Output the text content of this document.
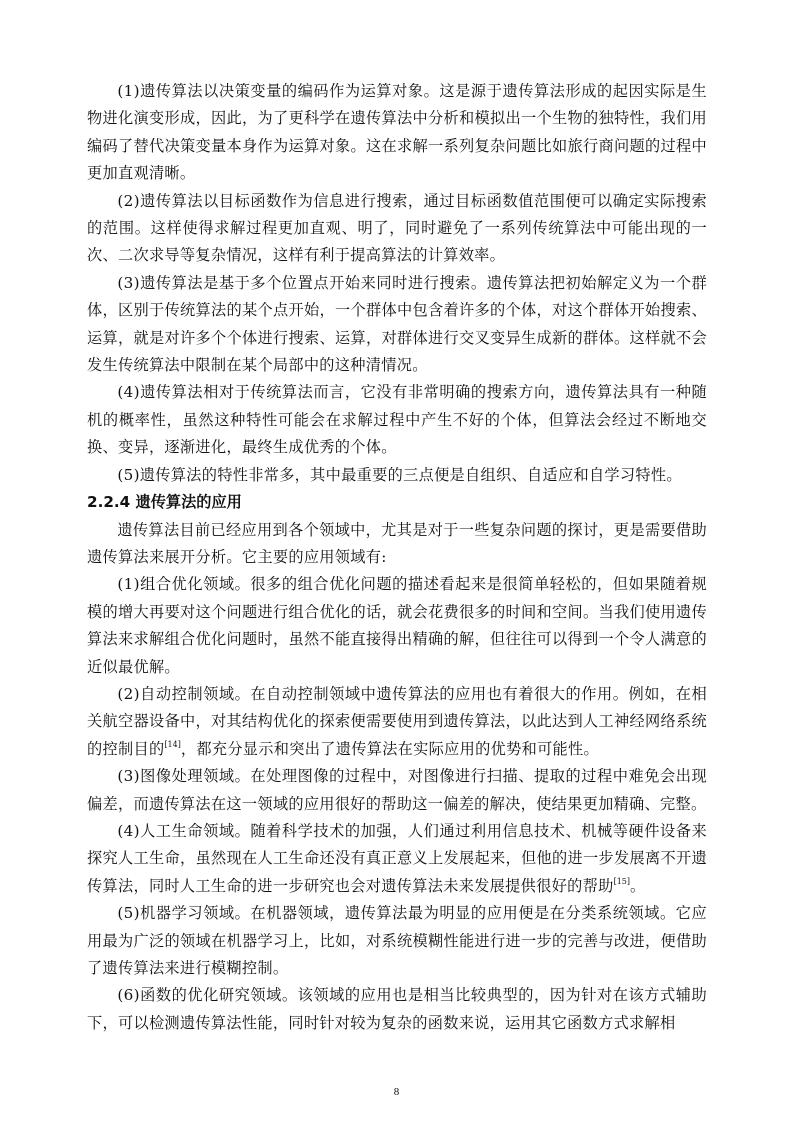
(1)遗传算法以决策变量的编码作为运算对象。这是源于遗传算法形成的起因实际是生物进化演变形成，因此，为了更科学在遗传算法中分析和模拟出一个生物的独特性，我们用编码了替代决策变量本身作为运算对象。这在求解一系列复杂问题比如旅行商问题的过程中更加直观清晰。

(2)遗传算法以目标函数作为信息进行搜索，通过目标函数值范围便可以确定实际搜索的范围。这样使得求解过程更加直观、明了，同时避免了一系列传统算法中可能出现的一次、二次求导等复杂情况，这样有利于提高算法的计算效率。

(3)遗传算法是基于多个位置点开始来同时进行搜索。遗传算法把初始解定义为一个群体，区别于传统算法的某个点开始，一个群体中包含着许多的个体，对这个群体开始搜索、运算，就是对许多个个体进行搜索、运算，对群体进行交叉变异生成新的群体。这样就不会发生传统算法中限制在某个局部中的这种清情况。

(4)遗传算法相对于传统算法而言，它没有非常明确的搜索方向，遗传算法具有一种随机的概率性，虽然这种特性可能会在求解过程中产生不好的个体，但算法会经过不断地交换、变异，逐渐进化，最终生成优秀的个体。

(5)遗传算法的特性非常多，其中最重要的三点便是自组织、自适应和自学习特性。

2.2.4 遗传算法的应用

遗传算法目前已经应用到各个领域中，尤其是对于一些复杂问题的探讨，更是需要借助遗传算法来展开分析。它主要的应用领域有:

(1)组合优化领域。很多的组合优化问题的描述看起来是很简单轻松的，但如果随着规模的增大再要对这个问题进行组合优化的话，就会花费很多的时间和空间。当我们使用遗传算法来求解组合优化问题时，虽然不能直接得出精确的解，但往往可以得到一个令人满意的近似最优解。

(2)自动控制领域。在自动控制领域中遗传算法的应用也有着很大的作用。例如，在相关航空器设备中，对其结构优化的探索便需要使用到遗传算法，以此达到人工神经网络系统的控制目的[14]，都充分显示和突出了遗传算法在实际应用的优势和可能性。

(3)图像处理领域。在处理图像的过程中，对图像进行扫描、提取的过程中难免会出现偏差，而遗传算法在这一领域的应用很好的帮助这一偏差的解决，使结果更加精确、完整。

(4)人工生命领域。随着科学技术的加强，人们通过利用信息技术、机械等硬件设备来探究人工生命，虽然现在人工生命还没有真正意义上发展起来，但他的进一步发展离不开遗传算法，同时人工生命的进一步研究也会对遗传算法未来发展提供很好的帮助[15]。

(5)机器学习领域。在机器领域，遗传算法最为明显的应用便是在分类系统领域。它应用最为广泛的领域在机器学习上，比如，对系统模糊性能进行进一步的完善与改进，便借助了遗传算法来进行模糊控制。

(6)函数的优化研究领域。该领域的应用也是相当比较典型的，因为针对在该方式辅助下，可以检测遗传算法性能，同时针对较为复杂的函数来说，运用其它函数方式求解相

8
